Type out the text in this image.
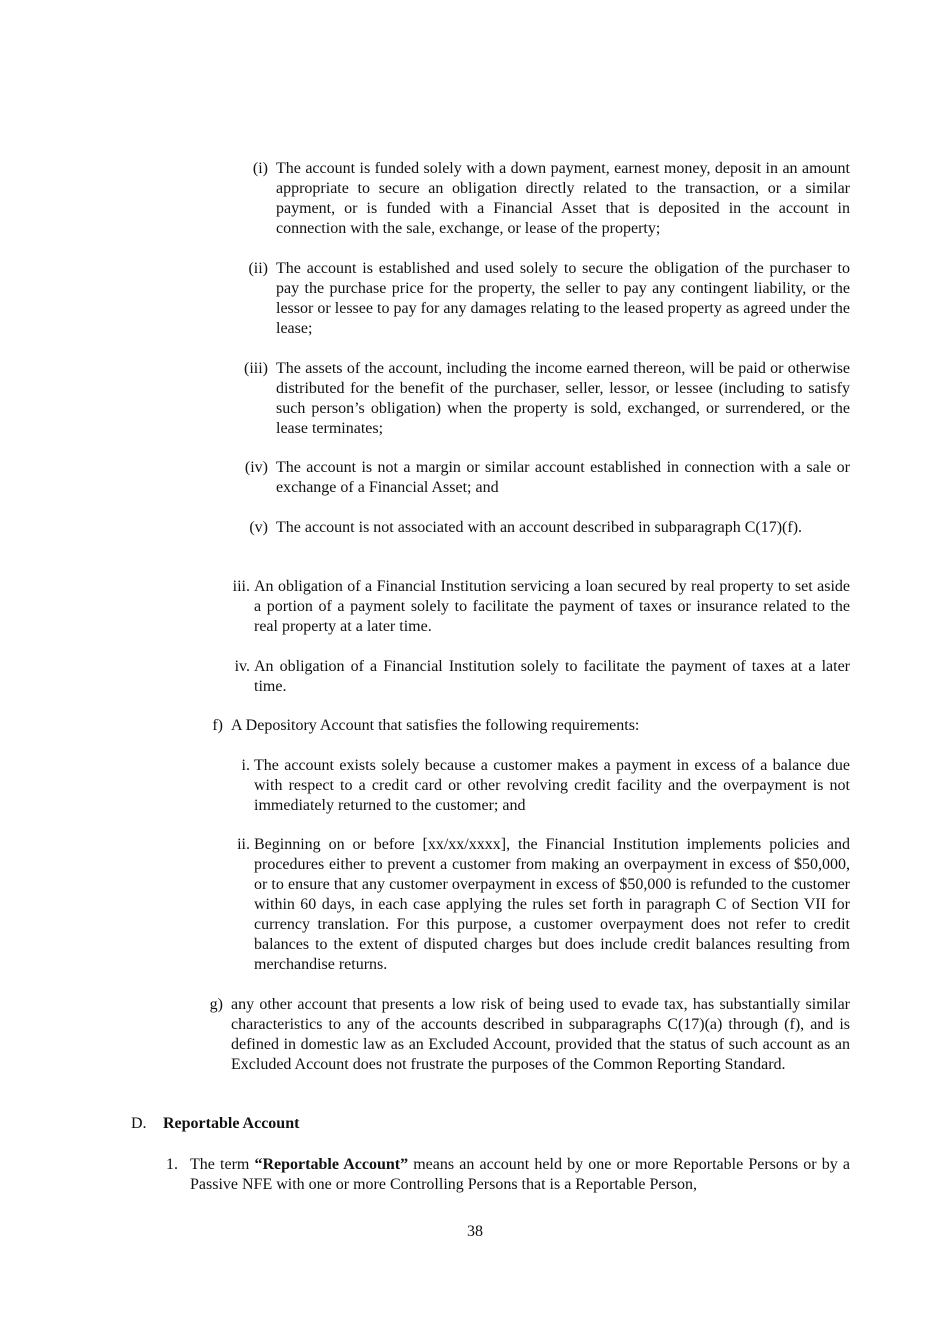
(i) The account is funded solely with a down payment, earnest money, deposit in an amount appropriate to secure an obligation directly related to the transaction, or a similar payment, or is funded with a Financial Asset that is deposited in the account in connection with the sale, exchange, or lease of the property;
(ii) The account is established and used solely to secure the obligation of the purchaser to pay the purchase price for the property, the seller to pay any contingent liability, or the lessor or lessee to pay for any damages relating to the leased property as agreed under the lease;
(iii) The assets of the account, including the income earned thereon, will be paid or otherwise distributed for the benefit of the purchaser, seller, lessor, or lessee (including to satisfy such person’s obligation) when the property is sold, exchanged, or surrendered, or the lease terminates;
(iv) The account is not a margin or similar account established in connection with a sale or exchange of a Financial Asset; and
(v) The account is not associated with an account described in subparagraph C(17)(f).
iii. An obligation of a Financial Institution servicing a loan secured by real property to set aside a portion of a payment solely to facilitate the payment of taxes or insurance related to the real property at a later time.
iv. An obligation of a Financial Institution solely to facilitate the payment of taxes at a later time.
f) A Depository Account that satisfies the following requirements:
i. The account exists solely because a customer makes a payment in excess of a balance due with respect to a credit card or other revolving credit facility and the overpayment is not immediately returned to the customer; and
ii. Beginning on or before [xx/xx/xxxx], the Financial Institution implements policies and procedures either to prevent a customer from making an overpayment in excess of $50,000, or to ensure that any customer overpayment in excess of $50,000 is refunded to the customer within 60 days, in each case applying the rules set forth in paragraph C of Section VII for currency translation. For this purpose, a customer overpayment does not refer to credit balances to the extent of disputed charges but does include credit balances resulting from merchandise returns.
g) any other account that presents a low risk of being used to evade tax, has substantially similar characteristics to any of the accounts described in subparagraphs C(17)(a) through (f), and is defined in domestic law as an Excluded Account, provided that the status of such account as an Excluded Account does not frustrate the purposes of the Common Reporting Standard.
D. Reportable Account
1. The term “Reportable Account” means an account held by one or more Reportable Persons or by a Passive NFE with one or more Controlling Persons that is a Reportable Person,
38
